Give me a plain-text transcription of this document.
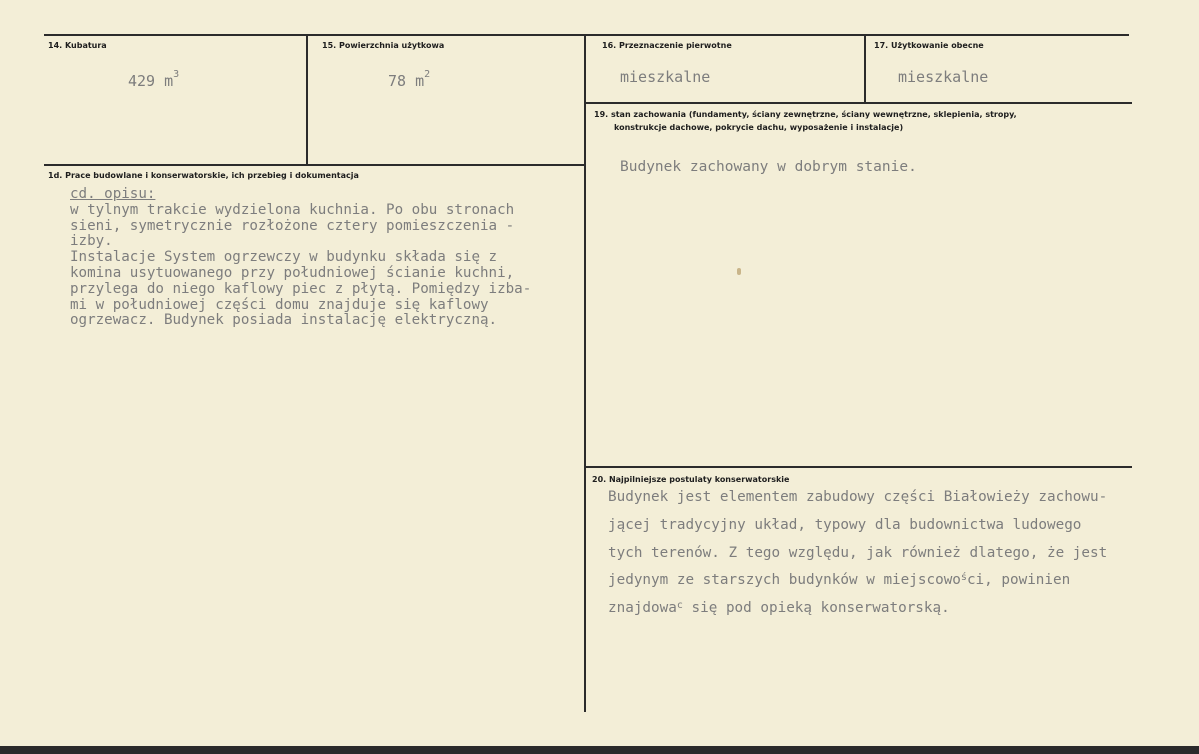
14. Kubatura
429 $m^3$
15. Powierzchnia użytkowa
78 $m^2$
16. Przeznaczenie pierwotne
mieszkalne
17. Użytkowanie obecne
mieszkalne
1d. Prace budowlane i konserwatorskie, ich przebieg i dokumentacja
cd. opisu:
w tylnym trakcie wydzielona kuchnia. Po obu stronach
sieni, symetrycznie rozłożone cztery pomieszczenia -
izby.
Instalacje System ogrzewczy w budynku składa się z
komina usytuowanego przy południowej ścianie kuchni,
przylega do niego kaflowy piec z płytą. Pomiędzy izba-
mi w południowej części domu znajduje się kaflowy
ogrzewacz. Budynek posiada instalację elektryczną.
19. stan zachowania (fundamenty, ściany zewnętrzne, ściany wewnętrzne, sklepienia, stropy,
konstrukcje dachowe, pokrycie dachu, wyposażenie i instalacje)
Budynek zachowany w dobrym stanie.
20. Najpilniejsze postulaty konserwatorskie
Budynek jest elementem zabudowy części Białowieży zachowu-
jącej tradycyjny układ, typowy dla budownictwa ludowego
tych terenów. Z tego względu, jak również dlatego, że jest
jedynym ze starszych budynków w miejscowo$^ś$ci, powinien
znajdowa$^c$ się pod opieką konserwatorską.
